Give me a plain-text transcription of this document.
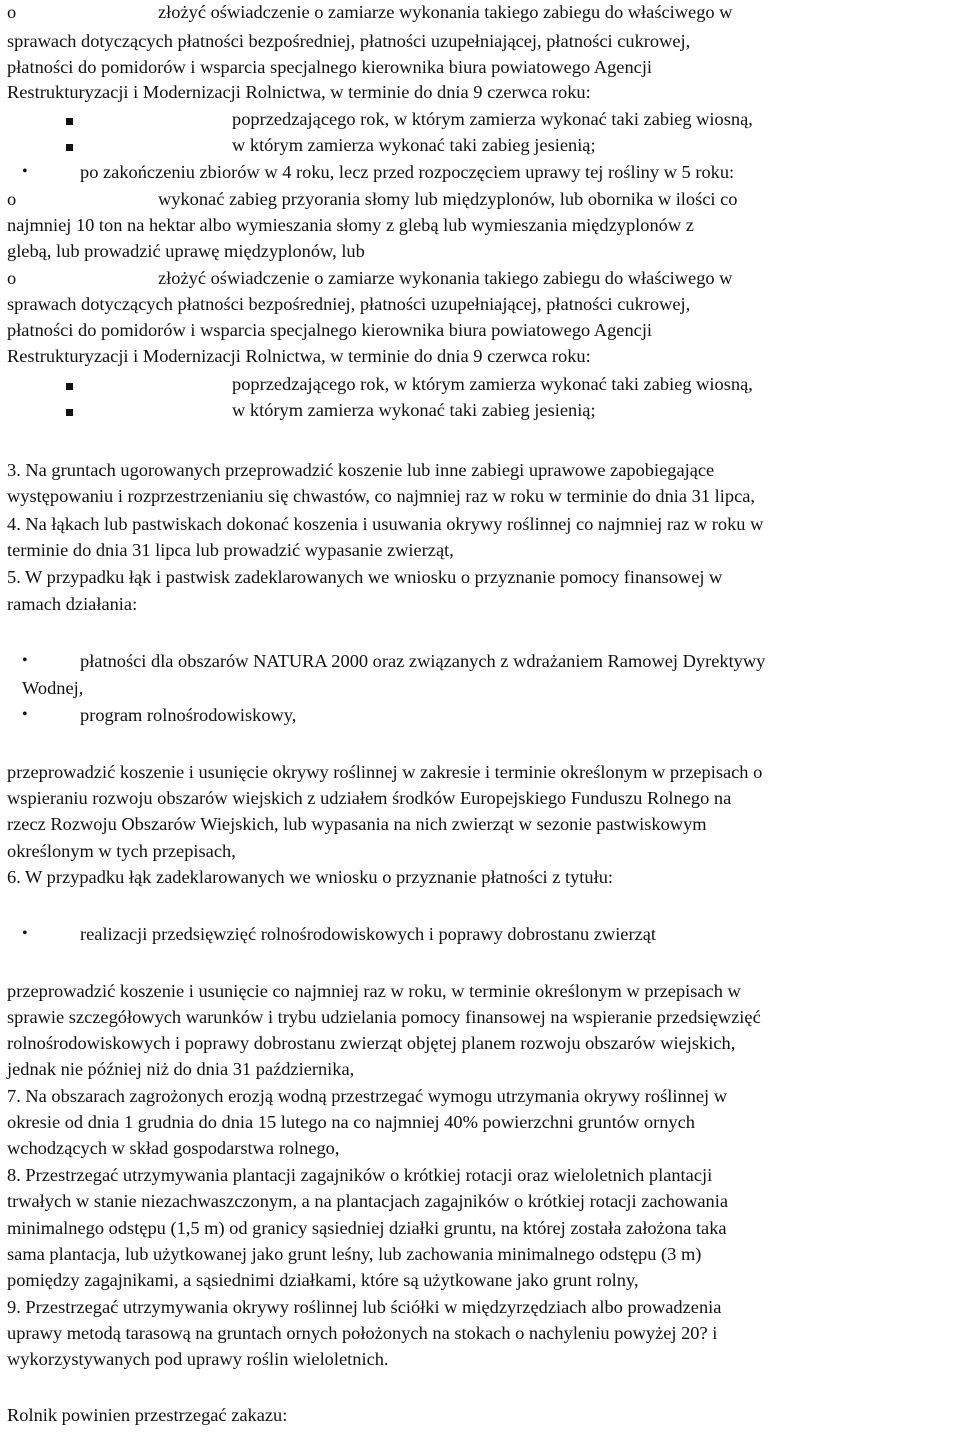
o	złożyć oświadczenie o zamiarze wykonania takiego zabiegu do właściwego w
sprawach dotyczących płatności bezpośredniej, płatności uzupełniającej, płatności cukrowej,
płatności do pomidorów i wsparcia specjalnego kierownika biura powiatowego Agencji
Restrukturyzacji i Modernizacji Rolnictwa, w terminie do dnia 9 czerwca roku:
poprzedzającego rok, w którym zamierza wykonać taki zabieg wiosną,
w którym zamierza wykonać taki zabieg jesienią;
•	po zakończeniu zbiorów w 4 roku, lecz przed rozpoczęciem uprawy tej rośliny w 5 roku:
o	wykonać zabieg przyorania słomy lub międzyplonów, lub obornika w ilości co
najmniej 10 ton na hektar albo wymieszania słomy z glebą lub wymieszania międzyplonów z
glebą, lub prowadzić uprawę międzyplonów, lub
o	złożyć oświadczenie o zamiarze wykonania takiego zabiegu do właściwego w
sprawach dotyczących płatności bezpośredniej, płatności uzupełniającej, płatności cukrowej,
płatności do pomidorów i wsparcia specjalnego kierownika biura powiatowego Agencji
Restrukturyzacji i Modernizacji Rolnictwa, w terminie do dnia 9 czerwca roku:
poprzedzającego rok, w którym zamierza wykonać taki zabieg wiosną,
w którym zamierza wykonać taki zabieg jesienią;
3. Na gruntach ugorowanych przeprowadzić koszenie lub inne zabiegi uprawowe zapobiegające
występowaniu i rozprzestrzenianiu się chwastów, co najmniej raz w roku w terminie do dnia 31 lipca,
4. Na łąkach lub pastwiskach dokonać koszenia i usuwania okrywy roślinnej co najmniej raz w roku w
terminie do dnia 31 lipca lub prowadzić wypasanie zwierząt,
5. W przypadku łąk i pastwisk zadeklarowanych we wniosku o przyznanie pomocy finansowej w
ramach działania:
•	płatności dla obszarów NATURA 2000 oraz związanych z wdrażaniem Ramowej Dyrektywy
Wodnej,
•	program rolnośrodowiskowy,
przeprowadzić koszenie i usunięcie okrywy roślinnej w zakresie i terminie określonym w przepisach o
wspieraniu rozwoju obszarów wiejskich z udziałem środków Europejskiego Funduszu Rolnego na
rzecz Rozwoju Obszarów Wiejskich, lub wypasania na nich zwierząt w sezonie pastwiskowym
określonym w tych przepisach,
6. W przypadku łąk zadeklarowanych we wniosku o przyznanie płatności z tytułu:
•	realizacji przedsięwzięć rolnośrodowiskowych i poprawy dobrostanu zwierząt
przeprowadzić koszenie i usunięcie co najmniej raz w roku, w terminie określonym w przepisach w
sprawie szczegółowych warunków i trybu udzielania pomocy finansowej na wspieranie przedsięwzięć
rolnośrodowiskowych i poprawy dobrostanu zwierząt objętej planem rozwoju obszarów wiejskich,
jednak nie później niż do dnia 31 października,
7. Na obszarach zagrożonych erozją wodną przestrzegać wymogu utrzymania okrywy roślinnej w
okresie od dnia 1 grudnia do dnia 15 lutego na co najmniej 40% powierzchni gruntów ornych
wchodzących w skład gospodarstwa rolnego,
8. Przestrzegać utrzymywania plantacji zagajników o krótkiej rotacji oraz wieloletnich plantacji
trwałych w stanie niezachwaszczonym, a na plantacjach zagajników o krótkiej rotacji zachowania
minimalnego odstępu (1,5 m) od granicy sąsiedniej działki gruntu, na której została założona taka
sama plantacja, lub użytkowanej jako grunt leśny, lub zachowania minimalnego odstępu (3 m)
pomiędzy zagajnikami, a sąsiednimi działkami, które są użytkowane jako grunt rolny,
9. Przestrzegać utrzymywania okrywy roślinnej lub ściółki w międzyrzędziach albo prowadzenia
uprawy metodą tarasową na gruntach ornych położonych na stokach o nachyleniu powyżej 20? i
wykorzystywanych pod uprawy roślin wieloletnich.
Rolnik powinien przestrzegać zakazu:
